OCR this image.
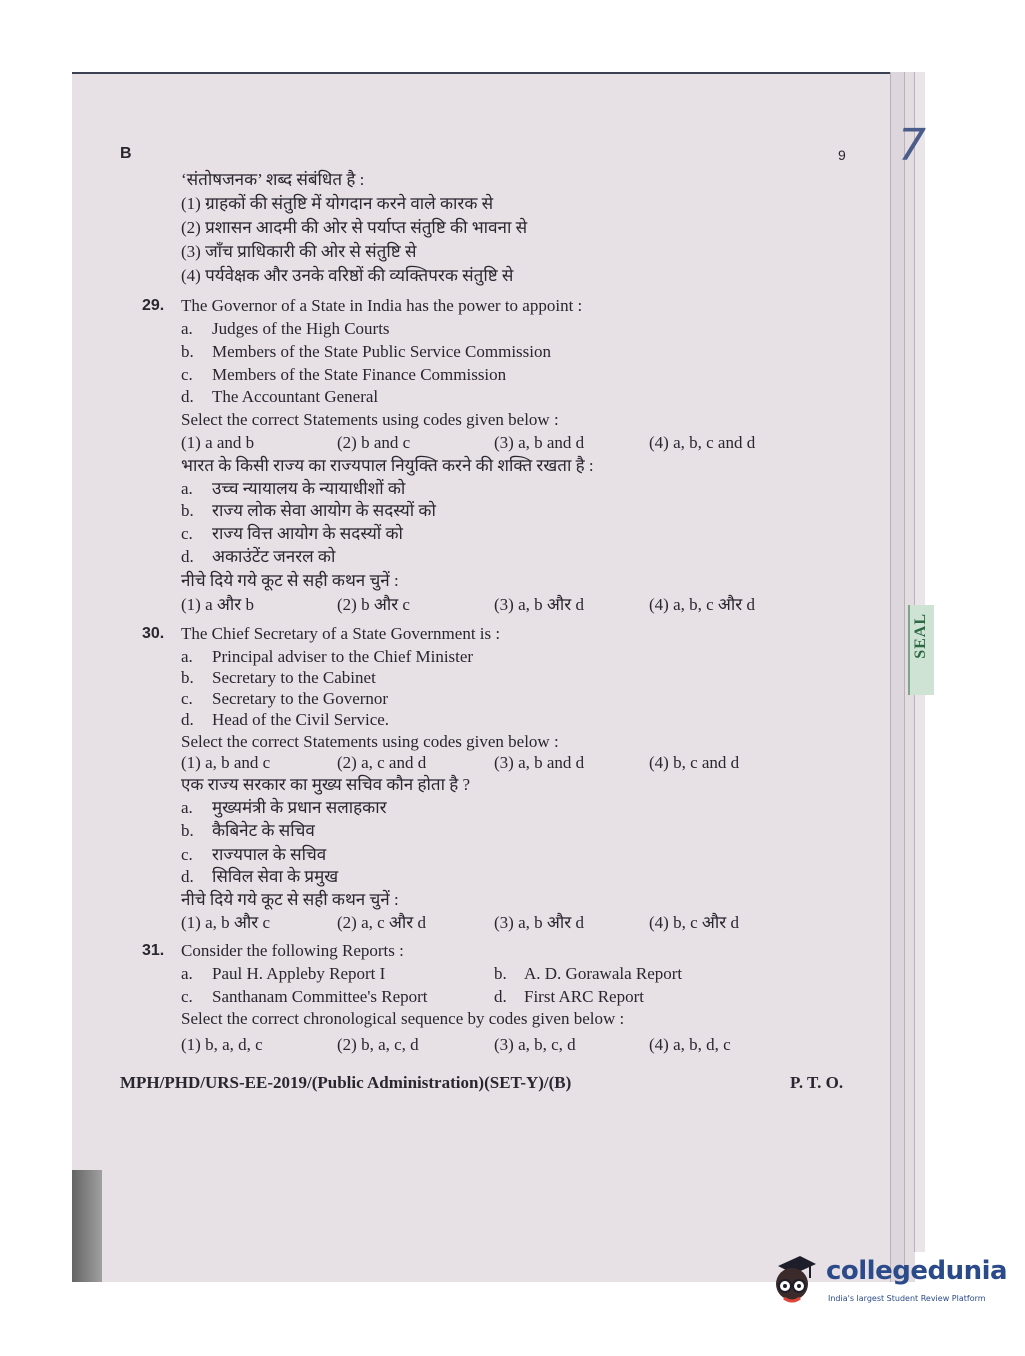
SEAL
7
B	9
‘संतोषजनक’ शब्द संबंधित है :
(1) ग्राहकों की संतुष्टि में योगदान करने वाले कारक से
(2) प्रशासन आदमी की ओर से पर्याप्त संतुष्टि की भावना से
(3) जाँच प्राधिकारी की ओर से संतुष्टि से
(4) पर्यवेक्षक और उनके वरिष्ठों की व्यक्तिपरक संतुष्टि से
29. The Governor of a State in India has the power to appoint :
a. Judges of the High Courts
b. Members of the State Public Service Commission
c. Members of the State Finance Commission
d. The Accountant General
Select the correct Statements using codes given below :
(1) a and b	(2) b and c	(3) a, b and d	(4) a, b, c and d
भारत के किसी राज्य का राज्यपाल नियुक्ति करने की शक्ति रखता है :
a. उच्च न्यायालय के न्यायाधीशों को
b. राज्य लोक सेवा आयोग के सदस्यों को
c. राज्य वित्त आयोग के सदस्यों को
d. अकाउंटेंट जनरल को
नीचे दिये गये कूट से सही कथन चुनें :
(1) a और b	(2) b और c	(3) a, b और d	(4) a, b, c और d
30. The Chief Secretary of a State Government is :
a. Principal adviser to the Chief Minister
b. Secretary to the Cabinet
c. Secretary to the Governor
d. Head of the Civil Service.
Select the correct Statements using codes given below :
(1) a, b and c	(2) a, c and d	(3) a, b and d	(4) b, c and d
एक राज्य सरकार का मुख्य सचिव कौन होता है ?
a. मुख्यमंत्री के प्रधान सलाहकार
b. कैबिनेट के सचिव
c. राज्यपाल के सचिव
d. सिविल सेवा के प्रमुख
नीचे दिये गये कूट से सही कथन चुनें :
(1) a, b और c	(2) a, c और d	(3) a, b और d	(4) b, c और d
31. Consider the following Reports :
a. Paul H. Appleby Report I	b. A. D. Gorawala Report
c. Santhanam Committee's Report	d. First ARC Report
Select the correct chronological sequence by codes given below :
(1) b, a, d, c	(2) b, a, c, d	(3) a, b, c, d	(4) a, b, d, c
MPH/PHD/URS-EE-2019/(Public Administration)(SET-Y)/(B)	P. T. O.
collegedunia
India's largest Student Review Platform
